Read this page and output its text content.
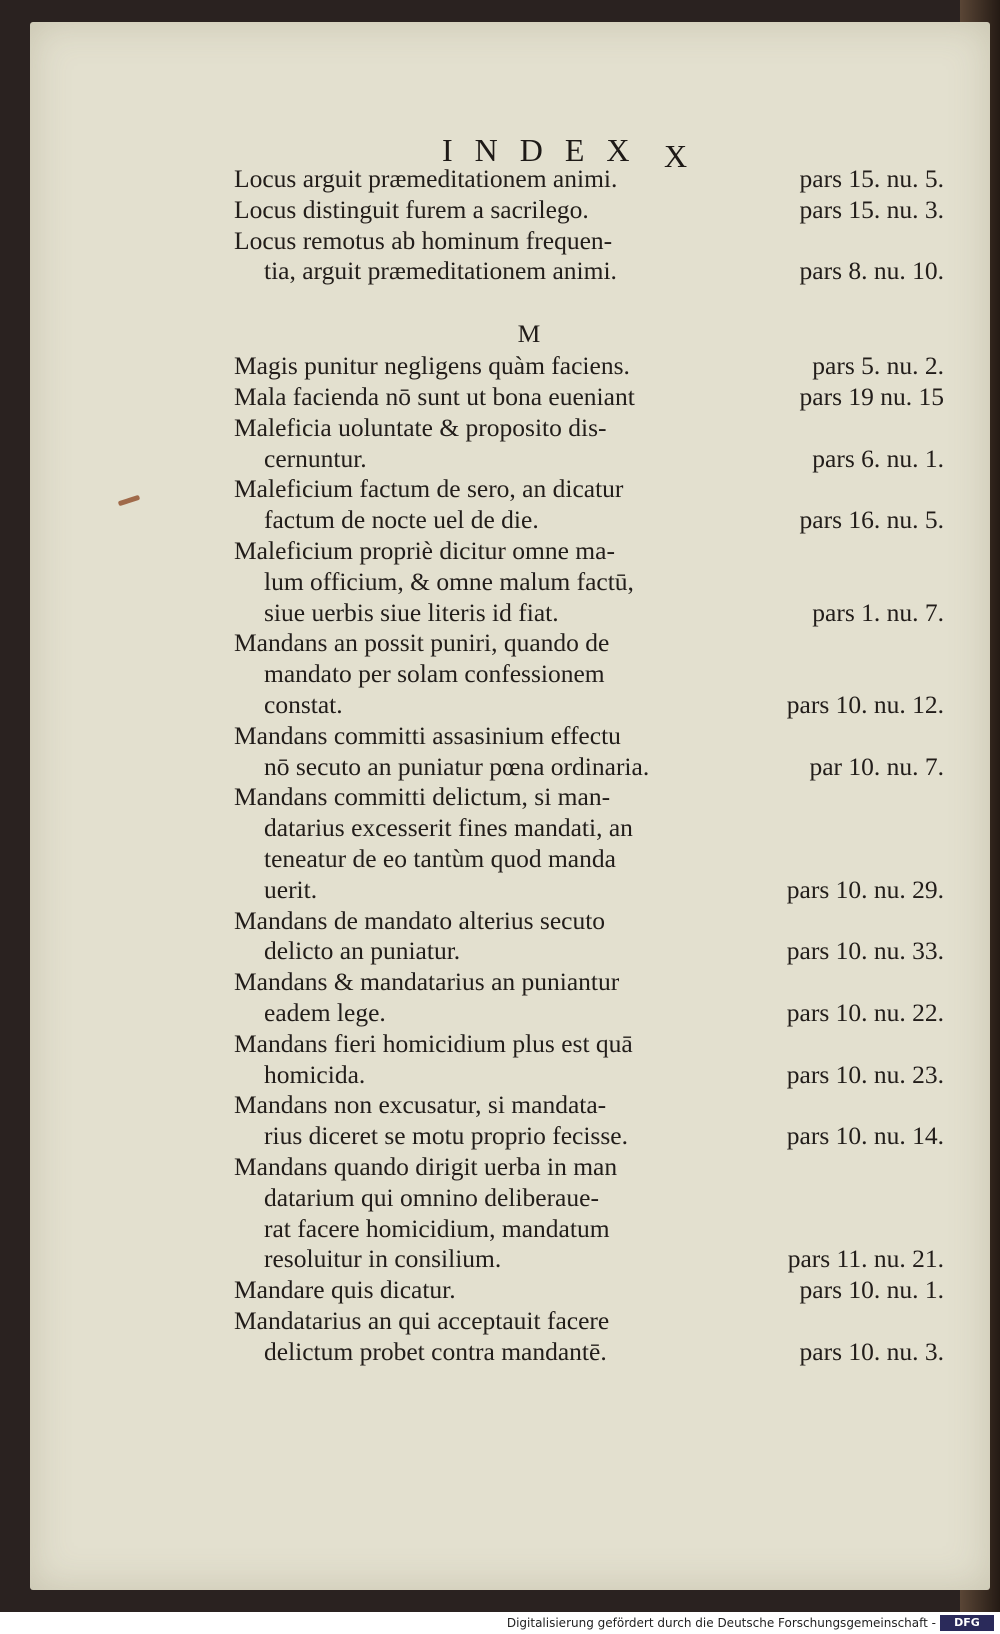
INDEX X
Locus arguit præmeditationem animi.	pars 15. nu. 5.
Locus distinguit furem a sacrilego.	pars 15. nu. 3.
Locus remotus ab hominum frequen-
tia, arguit præmeditationem animi.	pars 8. nu. 10.
M
Magis punitur negligens quàm faciens.	pars 5. nu. 2.
Mala facienda nō sunt ut bona eueniant	pars 19 nu. 15
Maleficia uoluntate & proposito dis-
cernuntur.	pars 6. nu. 1.
Maleficium factum de sero, an dicatur
factum de nocte uel de die.	pars 16. nu. 5.
Maleficium propriè dicitur omne ma-
lum officium, & omne malum factū,
siue uerbis siue literis id fiat.	pars 1. nu. 7.
Mandans an possit puniri, quando de
mandato per solam confessionem
constat.	pars 10. nu. 12.
Mandans committi assasinium effectu
nō secuto an puniatur pœna ordinaria.	par 10. nu. 7.
Mandans committi delictum, si man-
datarius excesserit fines mandati, an
teneatur de eo tantùm quod manda
uerit.	pars 10. nu. 29.
Mandans de mandato alterius secuto
delicto an puniatur.	pars 10. nu. 33.
Mandans & mandatarius an puniantur
eadem lege.	pars 10. nu. 22.
Mandans fieri homicidium plus est quā
homicida.	pars 10. nu. 23.
Mandans non excusatur, si mandata-
rius diceret se motu proprio fecisse.	pars 10. nu. 14.
Mandans quando dirigit uerba in man
datarium qui omnino deliberaue-
rat facere homicidium, mandatum
resoluitur in consilium.	pars 11. nu. 21.
Mandare quis dicatur.	pars 10. nu. 1.
Mandatarius an qui acceptauit facere
delictum probet contra mandantē.	pars 10. nu. 3.
Digitalisierung gefördert durch die Deutsche Forschungsgemeinschaft -	DFG
